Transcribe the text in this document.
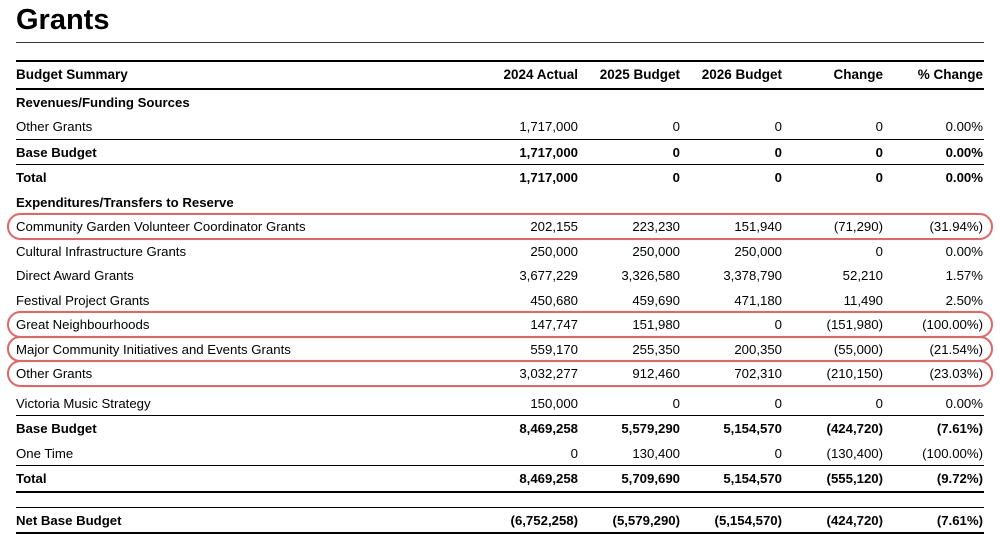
Grants
Budget Summary	2024 Actual	2025 Budget	2026 Budget	Change	% Change
Revenues/Funding Sources
Other Grants	1,717,000	0	0	0	0.00%
Base Budget	1,717,000	0	0	0	0.00%
Total	1,717,000	0	0	0	0.00%
Expenditures/Transfers to Reserve
Community Garden Volunteer Coordinator Grants	202,155	223,230	151,940	(71,290)	(31.94%)
Cultural Infrastructure Grants	250,000	250,000	250,000	0	0.00%
Direct Award Grants	3,677,229	3,326,580	3,378,790	52,210	1.57%
Festival Project Grants	450,680	459,690	471,180	11,490	2.50%
Great Neighbourhoods	147,747	151,980	0	(151,980)	(100.00%)
Major Community Initiatives and Events Grants	559,170	255,350	200,350	(55,000)	(21.54%)
Other Grants	3,032,277	912,460	702,310	(210,150)	(23.03%)
Victoria Music Strategy	150,000	0	0	0	0.00%
Base Budget	8,469,258	5,579,290	5,154,570	(424,720)	(7.61%)
One Time	0	130,400	0	(130,400)	(100.00%)
Total	8,469,258	5,709,690	5,154,570	(555,120)	(9.72%)
Net Base Budget	(6,752,258)	(5,579,290)	(5,154,570)	(424,720)	(7.61%)
